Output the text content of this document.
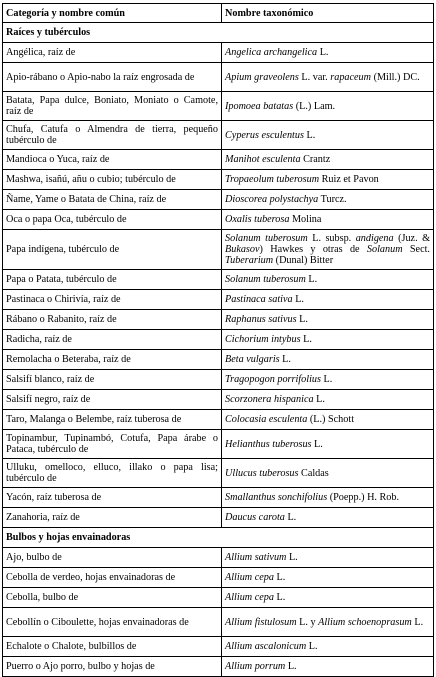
Categoría y nombre común	Nombre taxonómico
Raíces y tubérculos	
Angélica, raíz de	Angelica archangelica L.
Apio-rábano o Apio-nabo la raíz engrosada de	Apium graveolens L. var. rapaceum (Mill.) DC.
Batata, Papa dulce, Boniato, Moniato o Camote, raíz de	Ipomoea batatas (L.) Lam.
Chufa, Catufa o Almendra de tierra, pequeño tubérculo de	Cyperus esculentus L.
Mandioca o Yuca, raíz de	Manihot esculenta Crantz
Mashwa, isañú, añu o cubio; tubérculo de	Tropaeolum tuberosum Ruiz et Pavon
Ñame, Yame o Batata de China, raíz de	Dioscorea polystachya Turcz.
Oca o papa Oca, tubérculo de	Oxalis tuberosa Molina
Papa indígena, tubérculo de	Solanum tuberosum L. subsp. andigena (Juz. & Bukasov) Hawkes y otras de Solanum Sect. Tuberarium (Dunal) Bitter
Papa o Patata, tubérculo de	Solanum tuberosum L.
Pastinaca o Chirivía, raíz de	Pastinaca sativa L.
Rábano o Rabanito, raíz de	Raphanus sativus L.
Radicha, raíz de	Cichorium intybus L.
Remolacha o Beteraba, raíz de	Beta vulgaris L.
Salsifí blanco, raíz de	Tragopogon porrifolius L.
Salsifí negro, raíz de	Scorzonera hispanica L.
Taro, Malanga o Belembe, raíz tuberosa de	Colocasia esculenta (L.) Schott
Topinambur, Tupinambó, Cotufa, Papa árabe o Pataca, tubérculo de	Helianthus tuberosus L.
Ulluku, omelloco, elluco, illako o papa lisa; tubérculo de	Ullucus tuberosus Caldas
Yacón, raíz tuberosa de	Smallanthus sonchifolius (Poepp.) H. Rob.
Zanahoria, raíz de	Daucus carota L.
Bulbos y hojas envainadoras	
Ajo, bulbo de	Allium sativum L.
Cebolla de verdeo, hojas envainadoras de	Allium cepa L.
Cebolla, bulbo de	Allium cepa L.
Cebollín o Ciboulette, hojas envainadoras de	Allium fistulosum L. y Allium schoenoprasum L.
Echalote o Chalote, bulbillos de	Allium ascalonicum L.
Puerro o Ajo porro, bulbo y hojas de	Allium porrum L.
